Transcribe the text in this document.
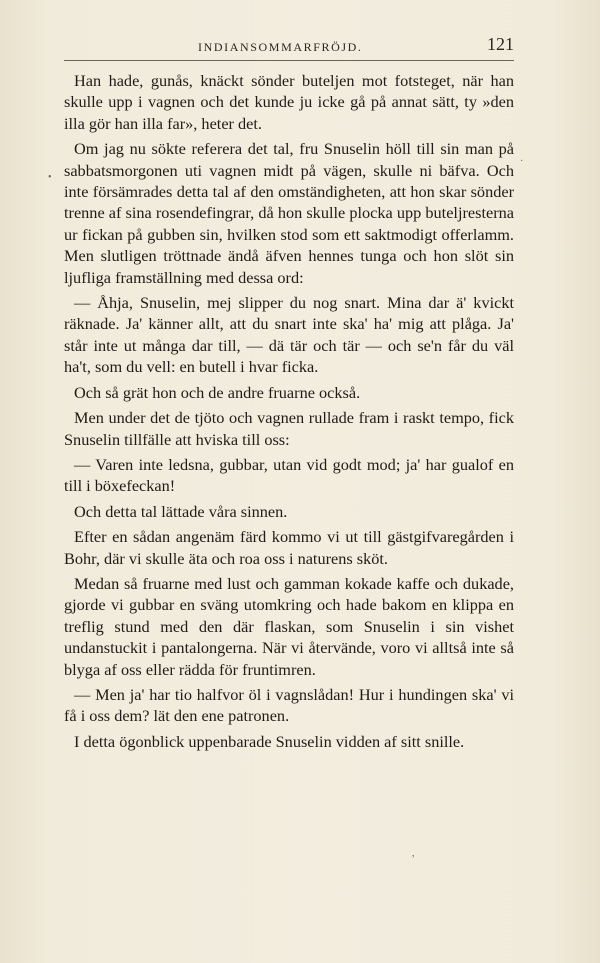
INDIANSOMMARFRÖJD.	121

Han hade, gunås, knäckt sönder buteljen mot fotsteget, när han skulle upp i vagnen och det kunde ju icke gå på annat sätt, ty »den illa gör han illa far», heter det.

Om jag nu sökte referera det tal, fru Snuselin höll till sin man på sabbatsmorgonen uti vagnen midt på vägen, skulle ni bäfva. Och inte försämrades detta tal af den omständigheten, att hon skar sönder trenne af sina rosendefingrar, då hon skulle plocka upp buteljresterna ur fickan på gubben sin, hvilken stod som ett saktmodigt offerlamm. Men slutligen tröttnade ändå äfven hennes tunga och hon slöt sin ljufliga framställning med dessa ord:

— Åhja, Snuselin, mej slipper du nog snart. Mina dar ä' kvickt räknade. Ja' känner allt, att du snart inte ska' ha' mig att plåga. Ja' står inte ut många dar till, — dä tär och tär — och se'n får du väl ha't, som du vell: en butell i hvar ficka.

Och så grät hon och de andre fruarne också.

Men under det de tjöto och vagnen rullade fram i raskt tempo, fick Snuselin tillfälle att hviska till oss:

— Varen inte ledsna, gubbar, utan vid godt mod; ja' har gualof en till i böxefeckan!

Och detta tal lättade våra sinnen.

Efter en sådan angenäm färd kommo vi ut till gästgifvaregården i Bohr, där vi skulle äta och roa oss i naturens sköt.

Medan så fruarne med lust och gamman kokade kaffe och dukade, gjorde vi gubbar en sväng utomkring och hade bakom en klippa en treflig stund med den där flaskan, som Snuselin i sin vishet undanstuckit i pantalongerna. När vi återvände, voro vi alltså inte så blyga af oss eller rädda för fruntimren.

— Men ja' har tio halfvor öl i vagnslådan! Hur i hundingen ska' vi få i oss dem? lät den ene patronen.

I detta ögonblick uppenbarade Snuselin vidden af sitt snille.

•
·
,
